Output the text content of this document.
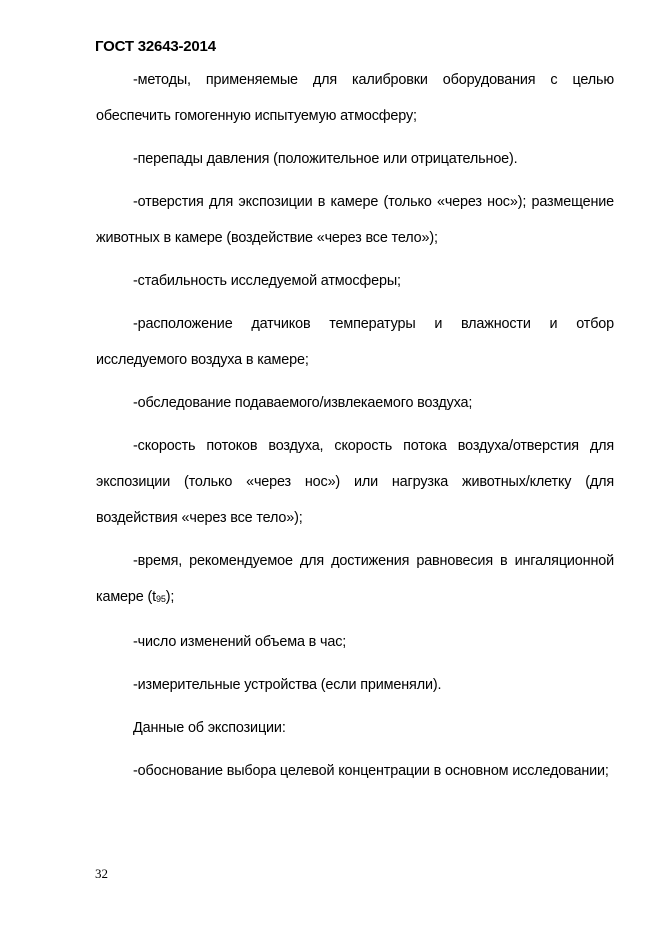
ГОСТ 32643-2014

-методы, применяемые для калибровки оборудования с целью обеспечить гомогенную испытуемую атмосферу;

-перепады давления (положительное или отрицательное).

-отверстия для экспозиции в камере (только «через нос»); размещение животных в камере (воздействие «через все тело»);

-стабильность исследуемой атмосферы;

-расположение датчиков температуры и влажности и отбор исследуемого воздуха в камере;

-обследование подаваемого/извлекаемого воздуха;

-скорость потоков воздуха, скорость потока воздуха/отверстия для экспозиции (только «через нос») или нагрузка животных/клетку (для воздействия «через все тело»);

-время, рекомендуемое для достижения равновесия в ингаляционной камере $(t_{95})$;

-число изменений объема в час;

-измерительные устройства (если применяли).

Данные об экспозиции:

-обоснование выбора целевой концентрации в основном исследовании;

32
